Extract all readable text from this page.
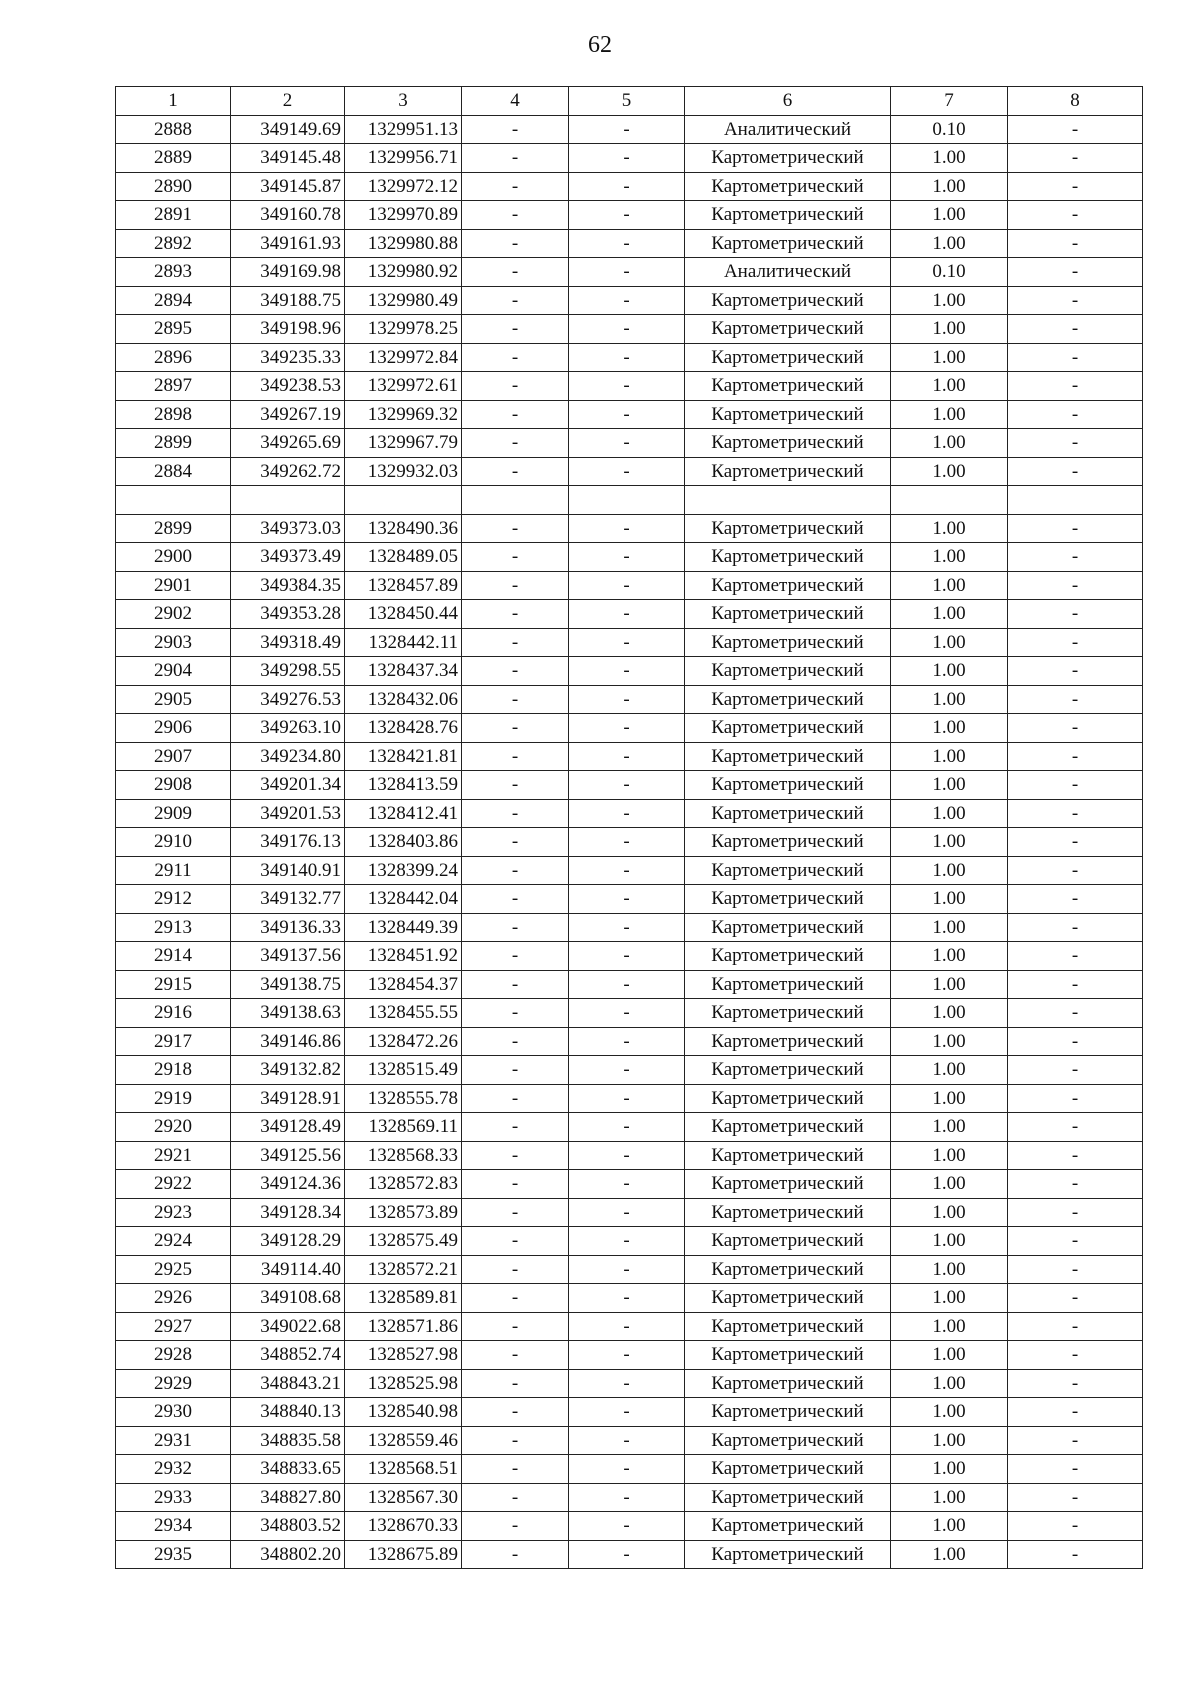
62
1	2	3	4	5	6	7	8
2888	349149.69	1329951.13	-	-	Аналитический	0.10	-
2889	349145.48	1329956.71	-	-	Картометрический	1.00	-
2890	349145.87	1329972.12	-	-	Картометрический	1.00	-
2891	349160.78	1329970.89	-	-	Картометрический	1.00	-
2892	349161.93	1329980.88	-	-	Картометрический	1.00	-
2893	349169.98	1329980.92	-	-	Аналитический	0.10	-
2894	349188.75	1329980.49	-	-	Картометрический	1.00	-
2895	349198.96	1329978.25	-	-	Картометрический	1.00	-
2896	349235.33	1329972.84	-	-	Картометрический	1.00	-
2897	349238.53	1329972.61	-	-	Картометрический	1.00	-
2898	349267.19	1329969.32	-	-	Картометрический	1.00	-
2899	349265.69	1329967.79	-	-	Картометрический	1.00	-
2884	349262.72	1329932.03	-	-	Картометрический	1.00	-

2899	349373.03	1328490.36	-	-	Картометрический	1.00	-
2900	349373.49	1328489.05	-	-	Картометрический	1.00	-
2901	349384.35	1328457.89	-	-	Картометрический	1.00	-
2902	349353.28	1328450.44	-	-	Картометрический	1.00	-
2903	349318.49	1328442.11	-	-	Картометрический	1.00	-
2904	349298.55	1328437.34	-	-	Картометрический	1.00	-
2905	349276.53	1328432.06	-	-	Картометрический	1.00	-
2906	349263.10	1328428.76	-	-	Картометрический	1.00	-
2907	349234.80	1328421.81	-	-	Картометрический	1.00	-
2908	349201.34	1328413.59	-	-	Картометрический	1.00	-
2909	349201.53	1328412.41	-	-	Картометрический	1.00	-
2910	349176.13	1328403.86	-	-	Картометрический	1.00	-
2911	349140.91	1328399.24	-	-	Картометрический	1.00	-
2912	349132.77	1328442.04	-	-	Картометрический	1.00	-
2913	349136.33	1328449.39	-	-	Картометрический	1.00	-
2914	349137.56	1328451.92	-	-	Картометрический	1.00	-
2915	349138.75	1328454.37	-	-	Картометрический	1.00	-
2916	349138.63	1328455.55	-	-	Картометрический	1.00	-
2917	349146.86	1328472.26	-	-	Картометрический	1.00	-
2918	349132.82	1328515.49	-	-	Картометрический	1.00	-
2919	349128.91	1328555.78	-	-	Картометрический	1.00	-
2920	349128.49	1328569.11	-	-	Картометрический	1.00	-
2921	349125.56	1328568.33	-	-	Картометрический	1.00	-
2922	349124.36	1328572.83	-	-	Картометрический	1.00	-
2923	349128.34	1328573.89	-	-	Картометрический	1.00	-
2924	349128.29	1328575.49	-	-	Картометрический	1.00	-
2925	349114.40	1328572.21	-	-	Картометрический	1.00	-
2926	349108.68	1328589.81	-	-	Картометрический	1.00	-
2927	349022.68	1328571.86	-	-	Картометрический	1.00	-
2928	348852.74	1328527.98	-	-	Картометрический	1.00	-
2929	348843.21	1328525.98	-	-	Картометрический	1.00	-
2930	348840.13	1328540.98	-	-	Картометрический	1.00	-
2931	348835.58	1328559.46	-	-	Картометрический	1.00	-
2932	348833.65	1328568.51	-	-	Картометрический	1.00	-
2933	348827.80	1328567.30	-	-	Картометрический	1.00	-
2934	348803.52	1328670.33	-	-	Картометрический	1.00	-
2935	348802.20	1328675.89	-	-	Картометрический	1.00	-
